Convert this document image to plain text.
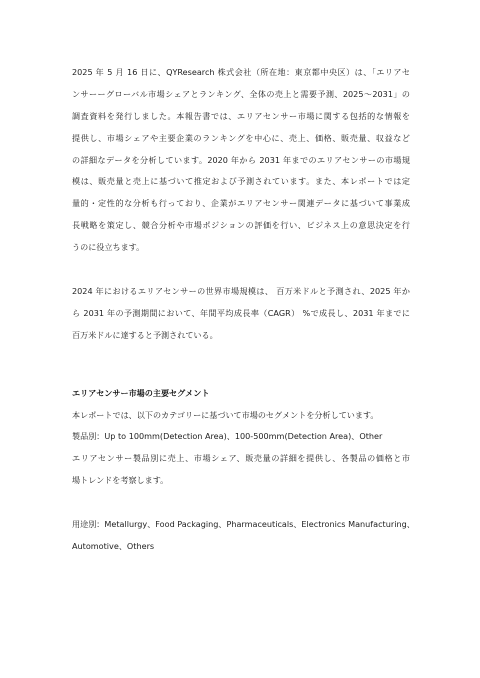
2025 年 5 月 16 日に、QYResearch 株式会社（所在地：東京都中央区）は、「エリアセ
ンサーーグローバル市場シェアとランキング、全体の売上と需要予測、2025〜2031」の
調査資料を発行しました。本報告書では、エリアセンサー市場に関する包括的な情報を
提供し、市場シェアや主要企業のランキングを中心に、売上、価格、販売量、収益など
の詳細なデータを分析しています。2020 年から 2031 年までのエリアセンサーの市場規
模は、販売量と売上に基づいて推定および予測されています。また、本レポートでは定
量的・定性的な分析も行っており、企業がエリアセンサー関連データに基づいて事業成
長戦略を策定し、競合分析や市場ポジションの評価を行い、ビジネス上の意思決定を行
うのに役立ちます。
2024 年におけるエリアセンサーの世界市場規模は、 百万米ドルと予測され、2025 年か
ら 2031 年の予測期間において、年間平均成長率（CAGR） %で成長し、2031 年までに
百万米ドルに達すると予測されている。
エリアセンサー市場の主要セグメント
本レポートでは、以下のカテゴリーに基づいて市場のセグメントを分析しています。
製品別：Up to 100mm(Detection Area)、100-500mm(Detection Area)、Other
エリアセンサー製品別に売上、市場シェア、販売量の詳細を提供し、各製品の価格と市
場トレンドを考察します。
用途別：Metallurgy、Food Packaging、Pharmaceuticals、Electronics Manufacturing、
Automotive、Others
